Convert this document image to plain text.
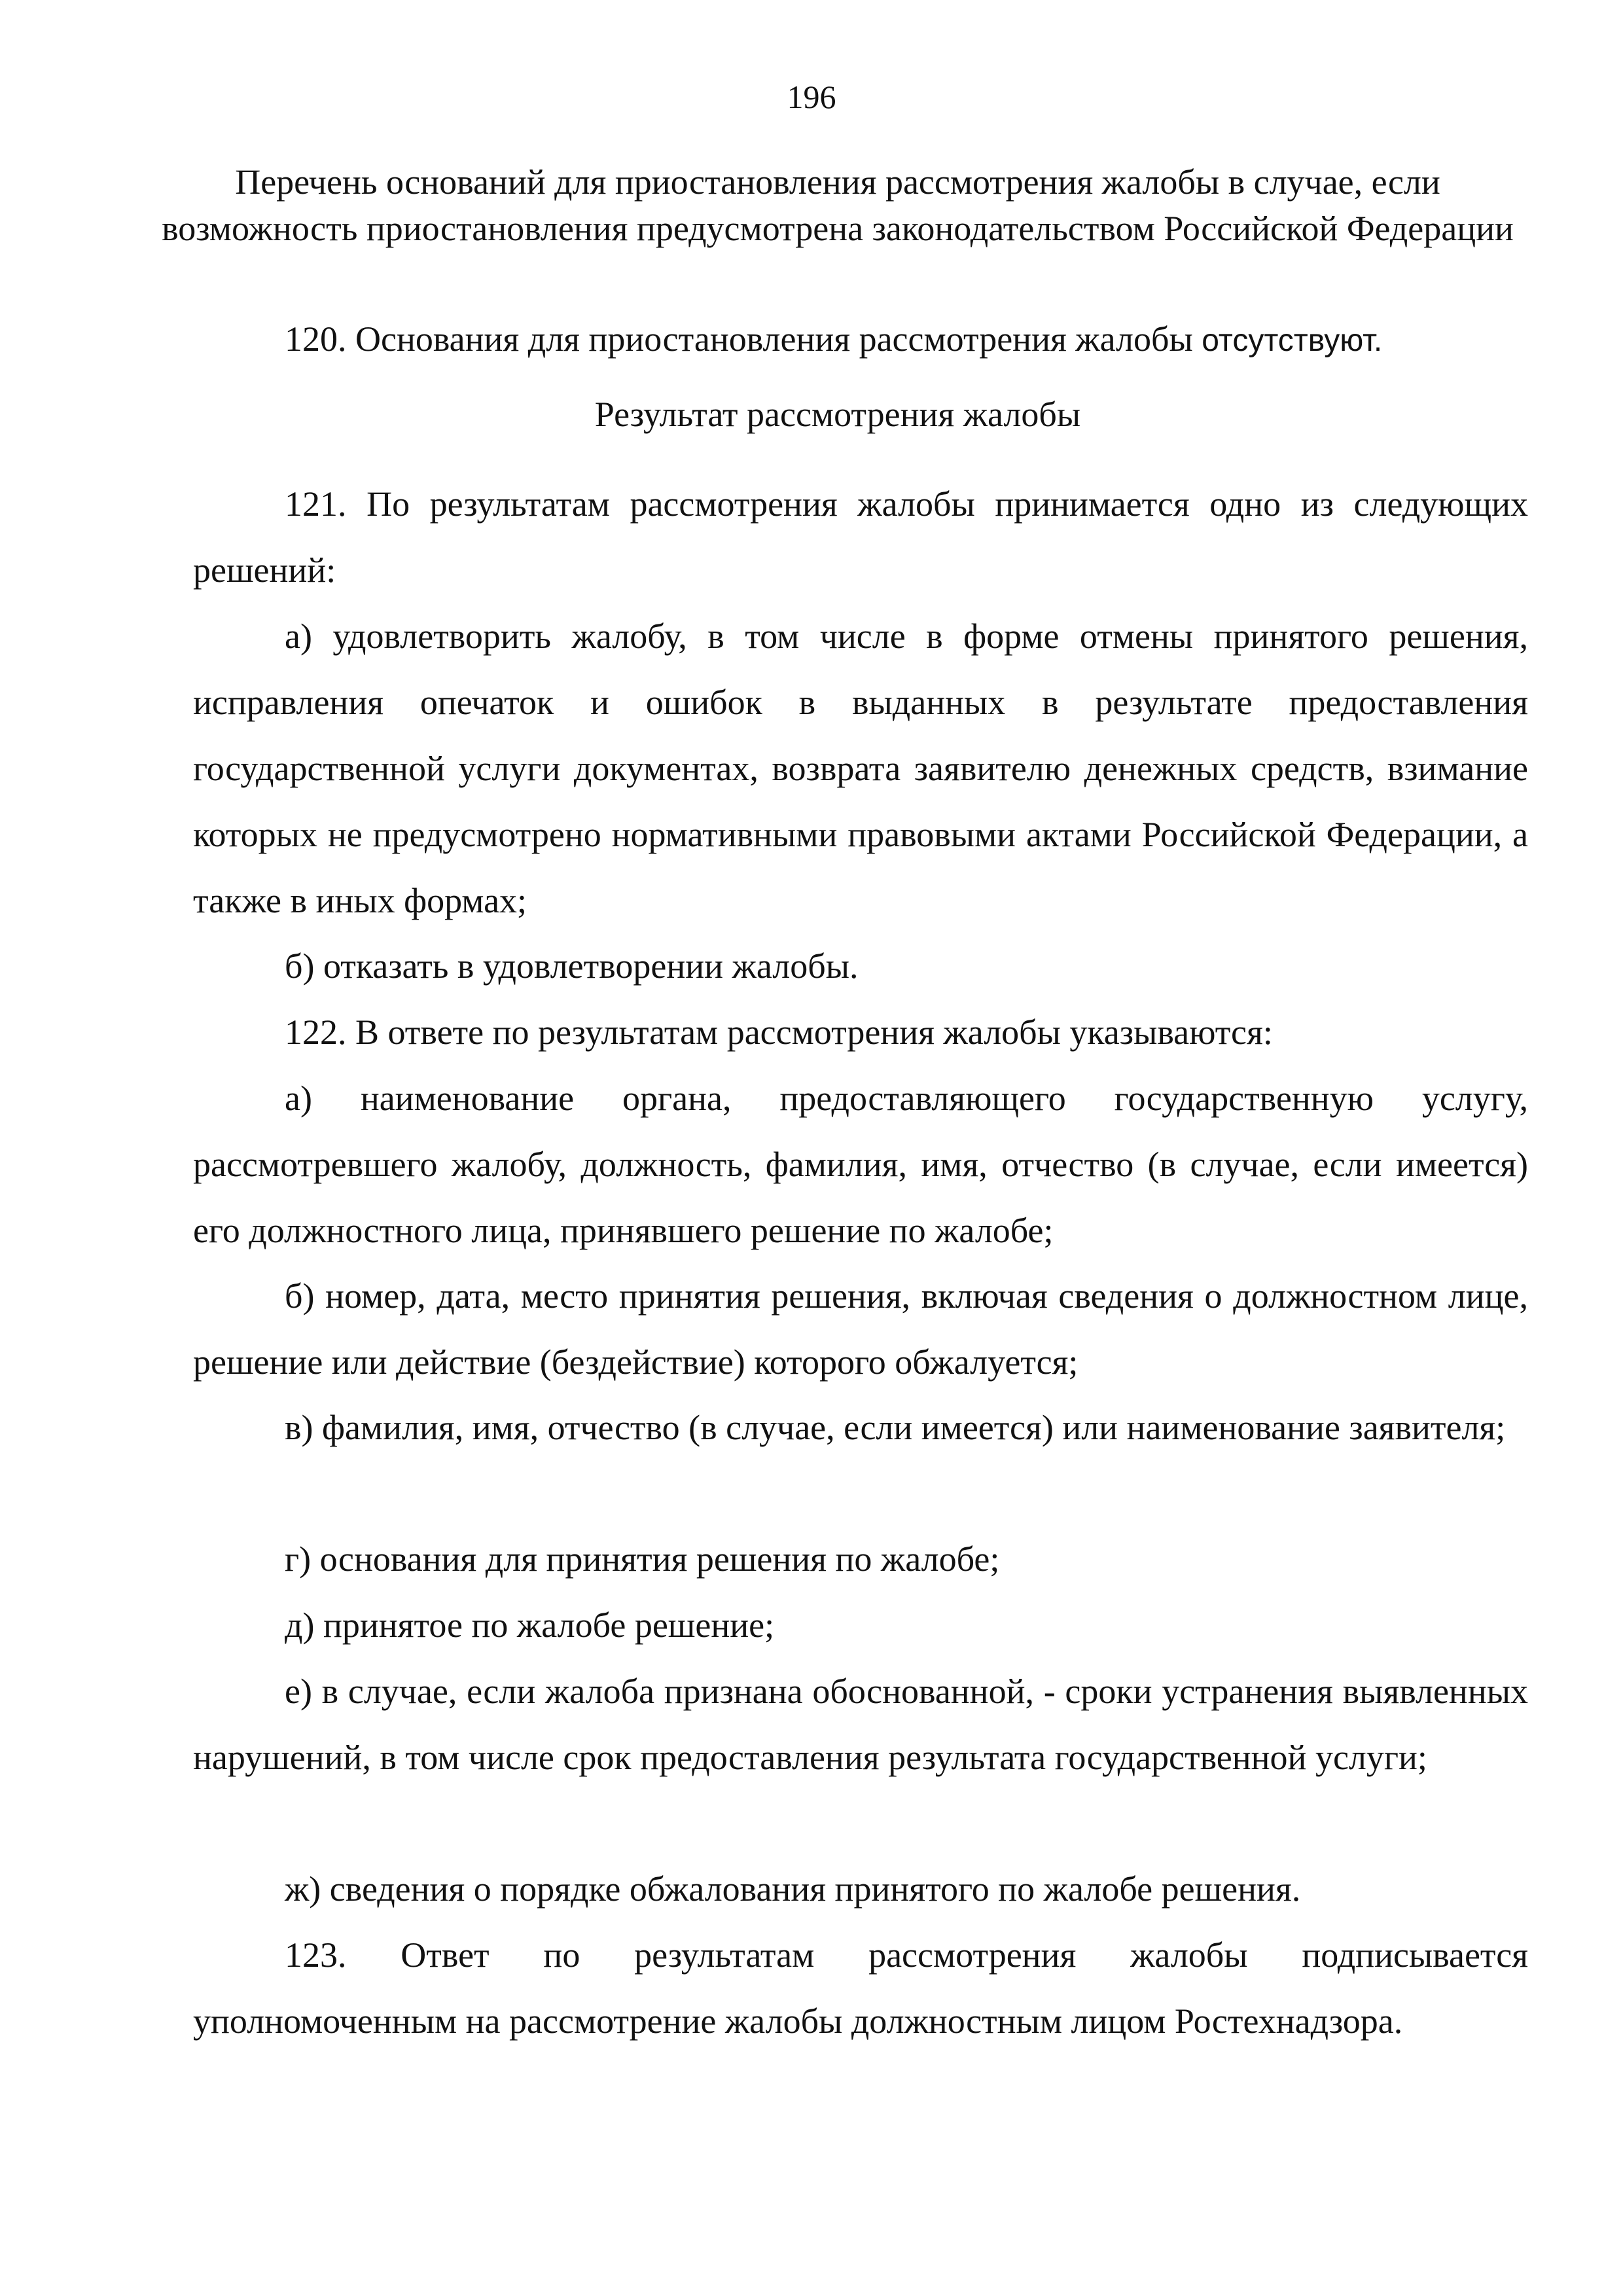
196
Перечень оснований для приостановления рассмотрения жалобы в случае, если возможность приостановления предусмотрена законодательством Российской Федерации
120. Основания для приостановления рассмотрения жалобы отсутствуют.
Результат рассмотрения жалобы
121. По результатам рассмотрения жалобы принимается одно из следующих решений:
а) удовлетворить жалобу, в том числе в форме отмены принятого решения, исправления опечаток и ошибок в выданных в результате предоставления государственной услуги документах, возврата заявителю денежных средств, взимание которых не предусмотрено нормативными правовыми актами Российской Федерации, а также в иных формах;
б) отказать в удовлетворении жалобы.
122. В ответе по результатам рассмотрения жалобы указываются:
а) наименование органа, предоставляющего государственную услугу, рассмотревшего жалобу, должность, фамилия, имя, отчество (в случае, если имеется) его должностного лица, принявшего решение по жалобе;
б) номер, дата, место принятия решения, включая сведения о должностном лице, решение или действие (бездействие) которого обжалуется;
в) фамилия, имя, отчество (в случае, если имеется) или наименование заявителя;
г) основания для принятия решения по жалобе;
д) принятое по жалобе решение;
е) в случае, если жалоба признана обоснованной, - сроки устранения выявленных нарушений, в том числе срок предоставления результата государственной услуги;
ж) сведения о порядке обжалования принятого по жалобе решения.
123. Ответ по результатам рассмотрения жалобы подписывается уполномоченным на рассмотрение жалобы должностным лицом Ростехнадзора.
